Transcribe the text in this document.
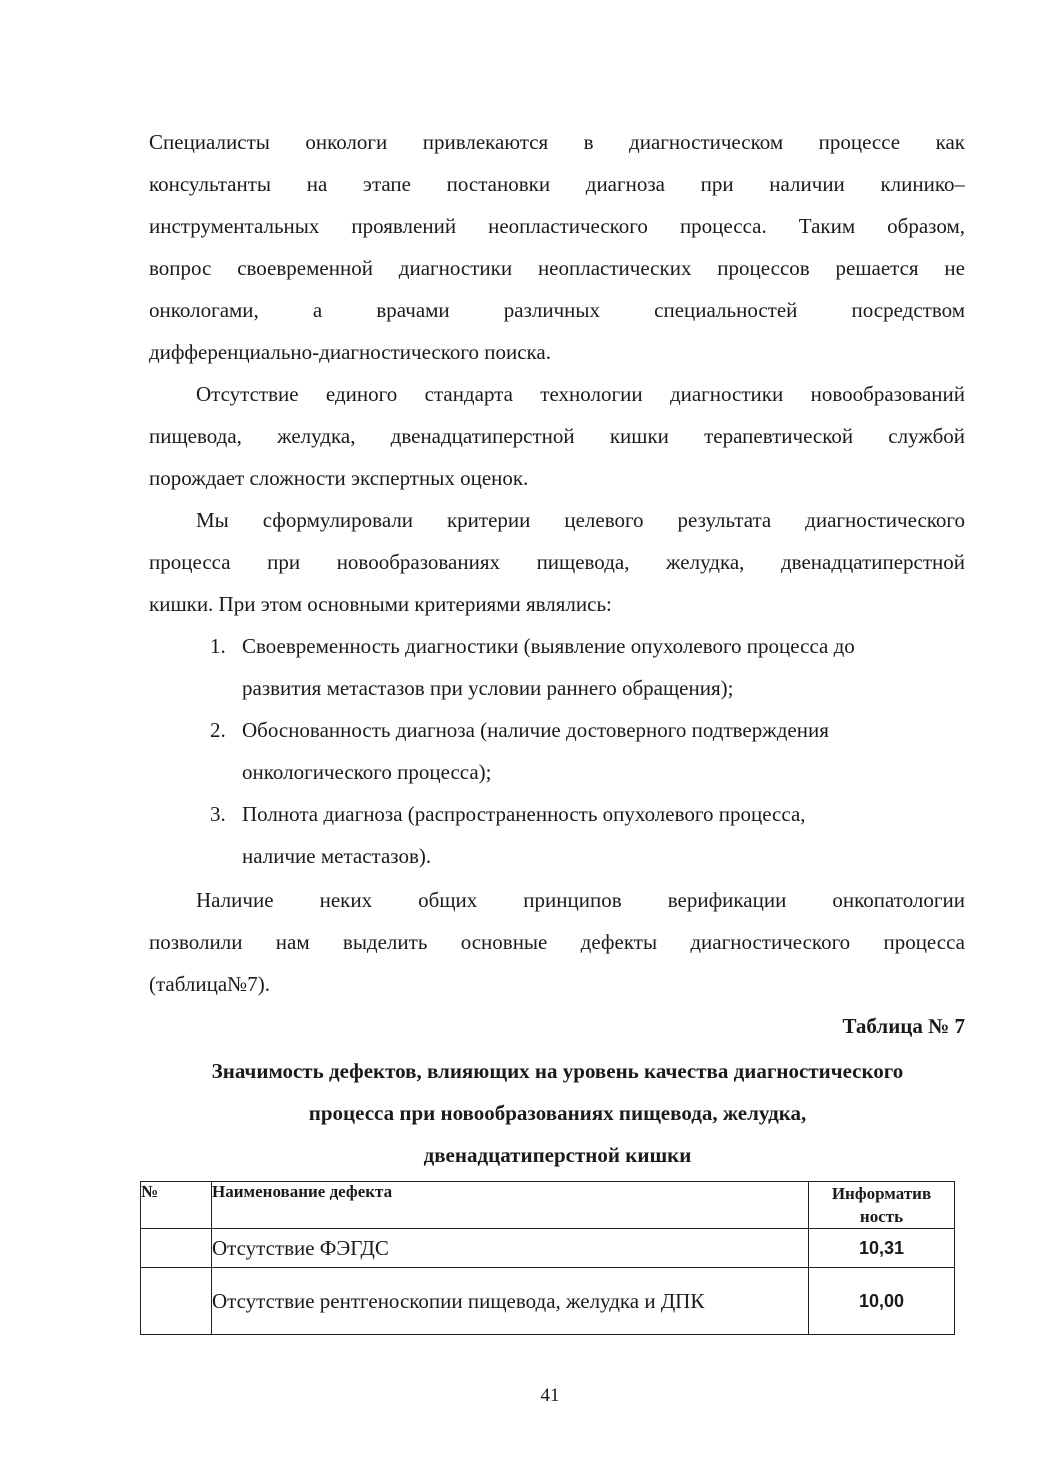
Специалисты онкологи привлекаются в диагностическом процессе как
консультанты на этапе постановки диагноза при наличии клинико–
инструментальных проявлений неопластического процесса. Таким образом,
вопрос своевременной диагностики неопластических процессов решается не
онкологами, а врачами различных специальностей посредством
дифференциально-диагностического поиска.
Отсутствие единого стандарта технологии диагностики новообразований
пищевода, желудка, двенадцатиперстной кишки терапевтической службой
порождает сложности экспертных оценок.
Мы сформулировали критерии целевого результата диагностического
процесса при новообразованиях пищевода, желудка, двенадцатиперстной
кишки. При этом основными критериями являлись:
1. Своевременность диагностики (выявление опухолевого процесса до
развития метастазов при условии раннего обращения);
2. Обоснованность диагноза (наличие достоверного подтверждения
онкологического процесса);
3. Полнота диагноза (распространенность опухолевого процесса,
наличие метастазов).
Наличие неких общих принципов верификации онкопатологии
позволили нам выделить основные дефекты диагностического процесса
(таблица№7).
Таблица № 7
Значимость дефектов, влияющих на уровень качества диагностического
процесса при новообразованиях пищевода, желудка,
двенадцатиперстной кишки
№	Наименование дефекта	Информатив
ность
	Отсутствие ФЭГДС	10,31
	Отсутствие рентгеноскопии пищевода, желудка и ДПК	10,00
41
